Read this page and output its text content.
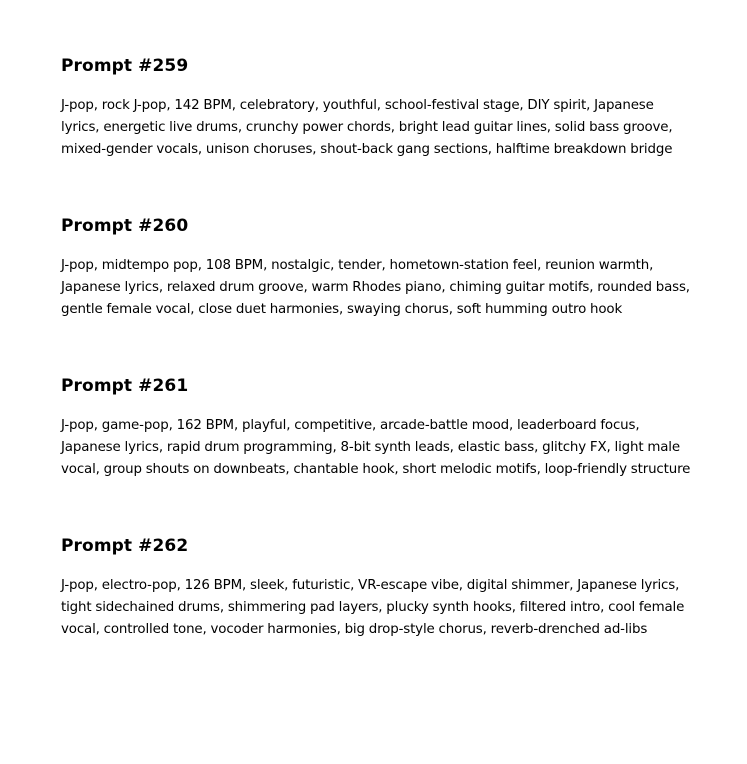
Prompt #259

J-pop, rock J-pop, 142 BPM, celebratory, youthful, school-festival stage, DIY spirit, Japanese lyrics, energetic live drums, crunchy power chords, bright lead guitar lines, solid bass groove, mixed-gender vocals, unison choruses, shout-back gang sections, halftime breakdown bridge

Prompt #260

J-pop, midtempo pop, 108 BPM, nostalgic, tender, hometown-station feel, reunion warmth, Japanese lyrics, relaxed drum groove, warm Rhodes piano, chiming guitar motifs, rounded bass, gentle female vocal, close duet harmonies, swaying chorus, soft humming outro hook

Prompt #261

J-pop, game-pop, 162 BPM, playful, competitive, arcade-battle mood, leaderboard focus, Japanese lyrics, rapid drum programming, 8-bit synth leads, elastic bass, glitchy FX, light male vocal, group shouts on downbeats, chantable hook, short melodic motifs, loop-friendly structure

Prompt #262

J-pop, electro-pop, 126 BPM, sleek, futuristic, VR-escape vibe, digital shimmer, Japanese lyrics, tight sidechained drums, shimmering pad layers, plucky synth hooks, filtered intro, cool female vocal, controlled tone, vocoder harmonies, big drop-style chorus, reverb-drenched ad-libs
